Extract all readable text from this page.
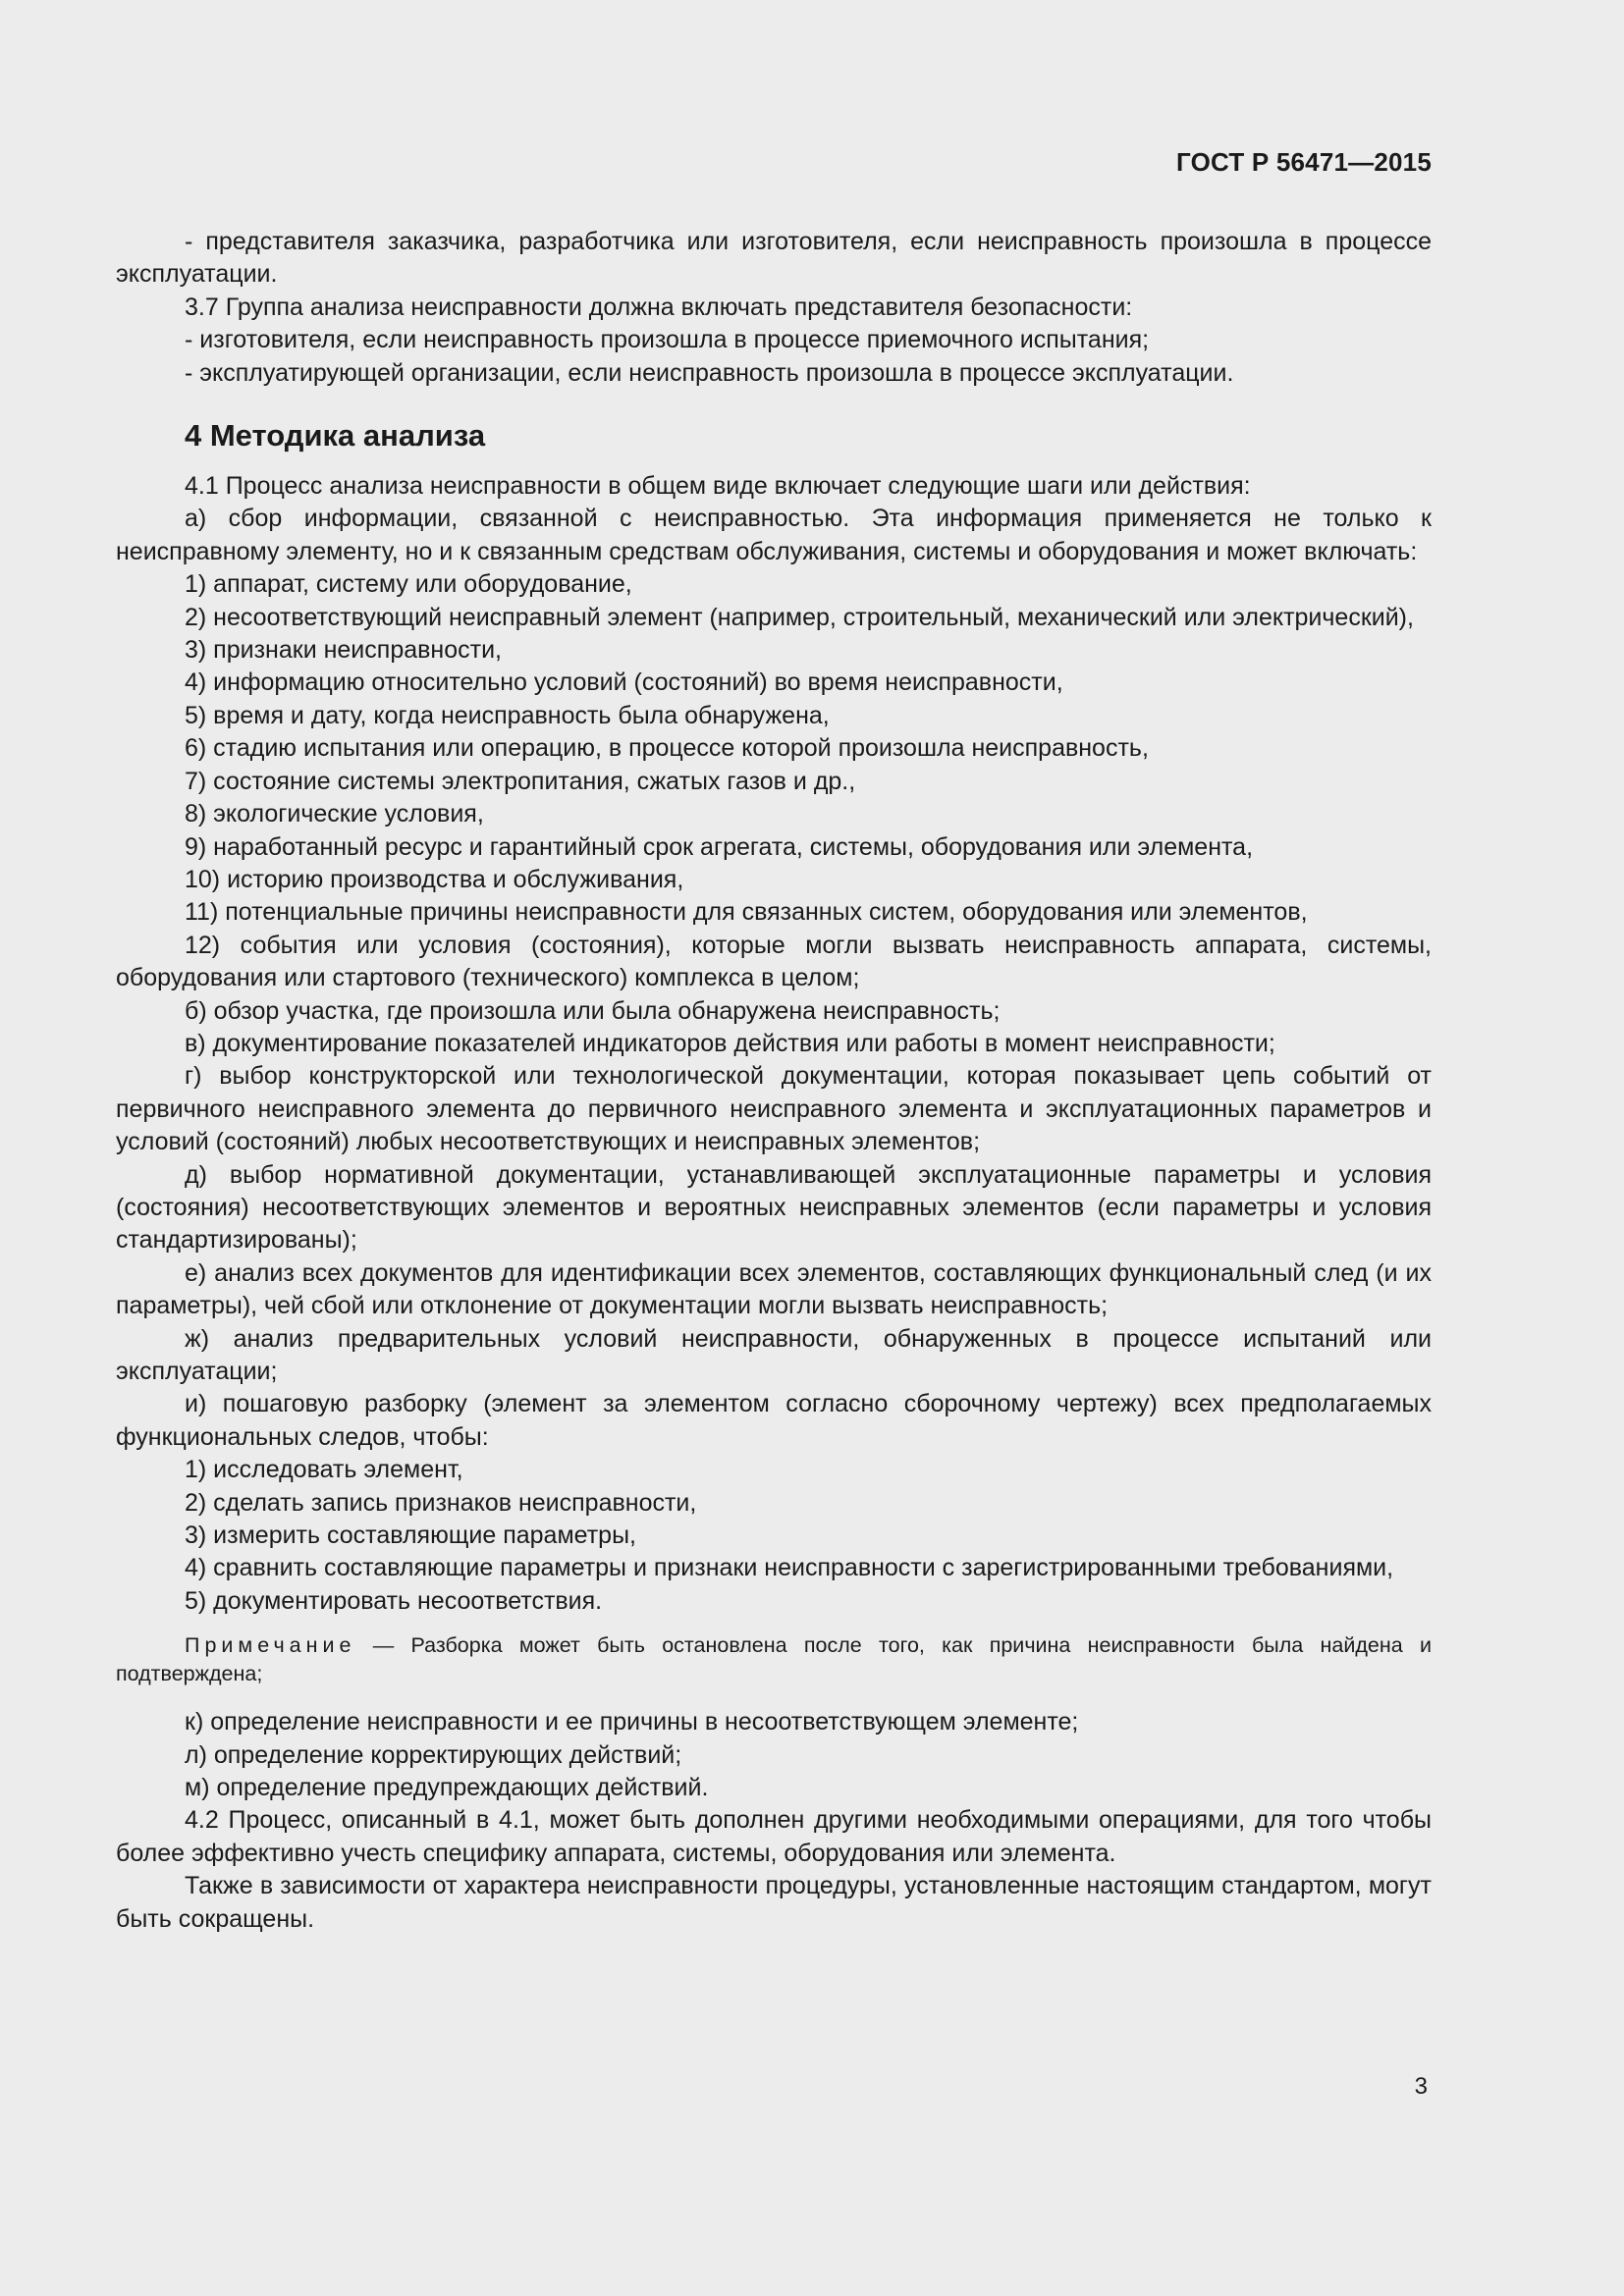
ГОСТ Р 56471—2015

- представителя заказчика, разработчика или изготовителя, если неисправность произошла в процессе эксплуатации.

3.7 Группа анализа неисправности должна включать представителя безопасности:

- изготовителя, если неисправность произошла в процессе приемочного испытания;

- эксплуатирующей организации, если неисправность произошла в процессе эксплуатации.

4 Методика анализа

4.1 Процесс анализа неисправности в общем виде включает следующие шаги или действия:

а) сбор информации, связанной с неисправностью. Эта информация применяется не только к неисправному элементу, но и к связанным средствам обслуживания, системы и оборудования и может включать:

1) аппарат, систему или оборудование,

2) несоответствующий неисправный элемент (например, строительный, механический или электрический),

3) признаки неисправности,

4) информацию относительно условий (состояний) во время неисправности,

5) время и дату, когда неисправность была обнаружена,

6) стадию испытания или операцию, в процессе которой произошла неисправность,

7) состояние системы электропитания, сжатых газов и др.,

8) экологические условия,

9) наработанный ресурс и гарантийный срок агрегата, системы, оборудования или элемента,

10) историю производства и обслуживания,

11) потенциальные причины неисправности для связанных систем, оборудования или элементов,

12) события или условия (состояния), которые могли вызвать неисправность аппарата, системы, оборудования или стартового (технического) комплекса в целом;

б) обзор участка, где произошла или была обнаружена неисправность;

в) документирование показателей индикаторов действия или работы в момент неисправности;

г) выбор конструкторской или технологической документации, которая показывает цепь событий от первичного неисправного элемента до первичного неисправного элемента и эксплуатационных параметров и условий (состояний) любых несоответствующих и неисправных элементов;

д) выбор нормативной документации, устанавливающей эксплуатационные параметры и условия (состояния) несоответствующих элементов и вероятных неисправных элементов (если параметры и условия стандартизированы);

е) анализ всех документов для идентификации всех элементов, составляющих функциональный след (и их параметры), чей сбой или отклонение от документации могли вызвать неисправность;

ж) анализ предварительных условий неисправности, обнаруженных в процессе испытаний или эксплуатации;

и) пошаговую разборку (элемент за элементом согласно сборочному чертежу) всех предполагаемых функциональных следов, чтобы:

1) исследовать элемент,

2) сделать запись признаков неисправности,

3) измерить составляющие параметры,

4) сравнить составляющие параметры и признаки неисправности с зарегистрированными требованиями,

5) документировать несоответствия.

Примечание — Разборка может быть остановлена после того, как причина неисправности была найдена и подтверждена;

к) определение неисправности и ее причины в несоответствующем элементе;

л) определение корректирующих действий;

м) определение предупреждающих действий.

4.2 Процесс, описанный в 4.1, может быть дополнен другими необходимыми операциями, для того чтобы более эффективно учесть специфику аппарата, системы, оборудования или элемента.

Также в зависимости от характера неисправности процедуры, установленные настоящим стандартом, могут быть сокращены.

3
